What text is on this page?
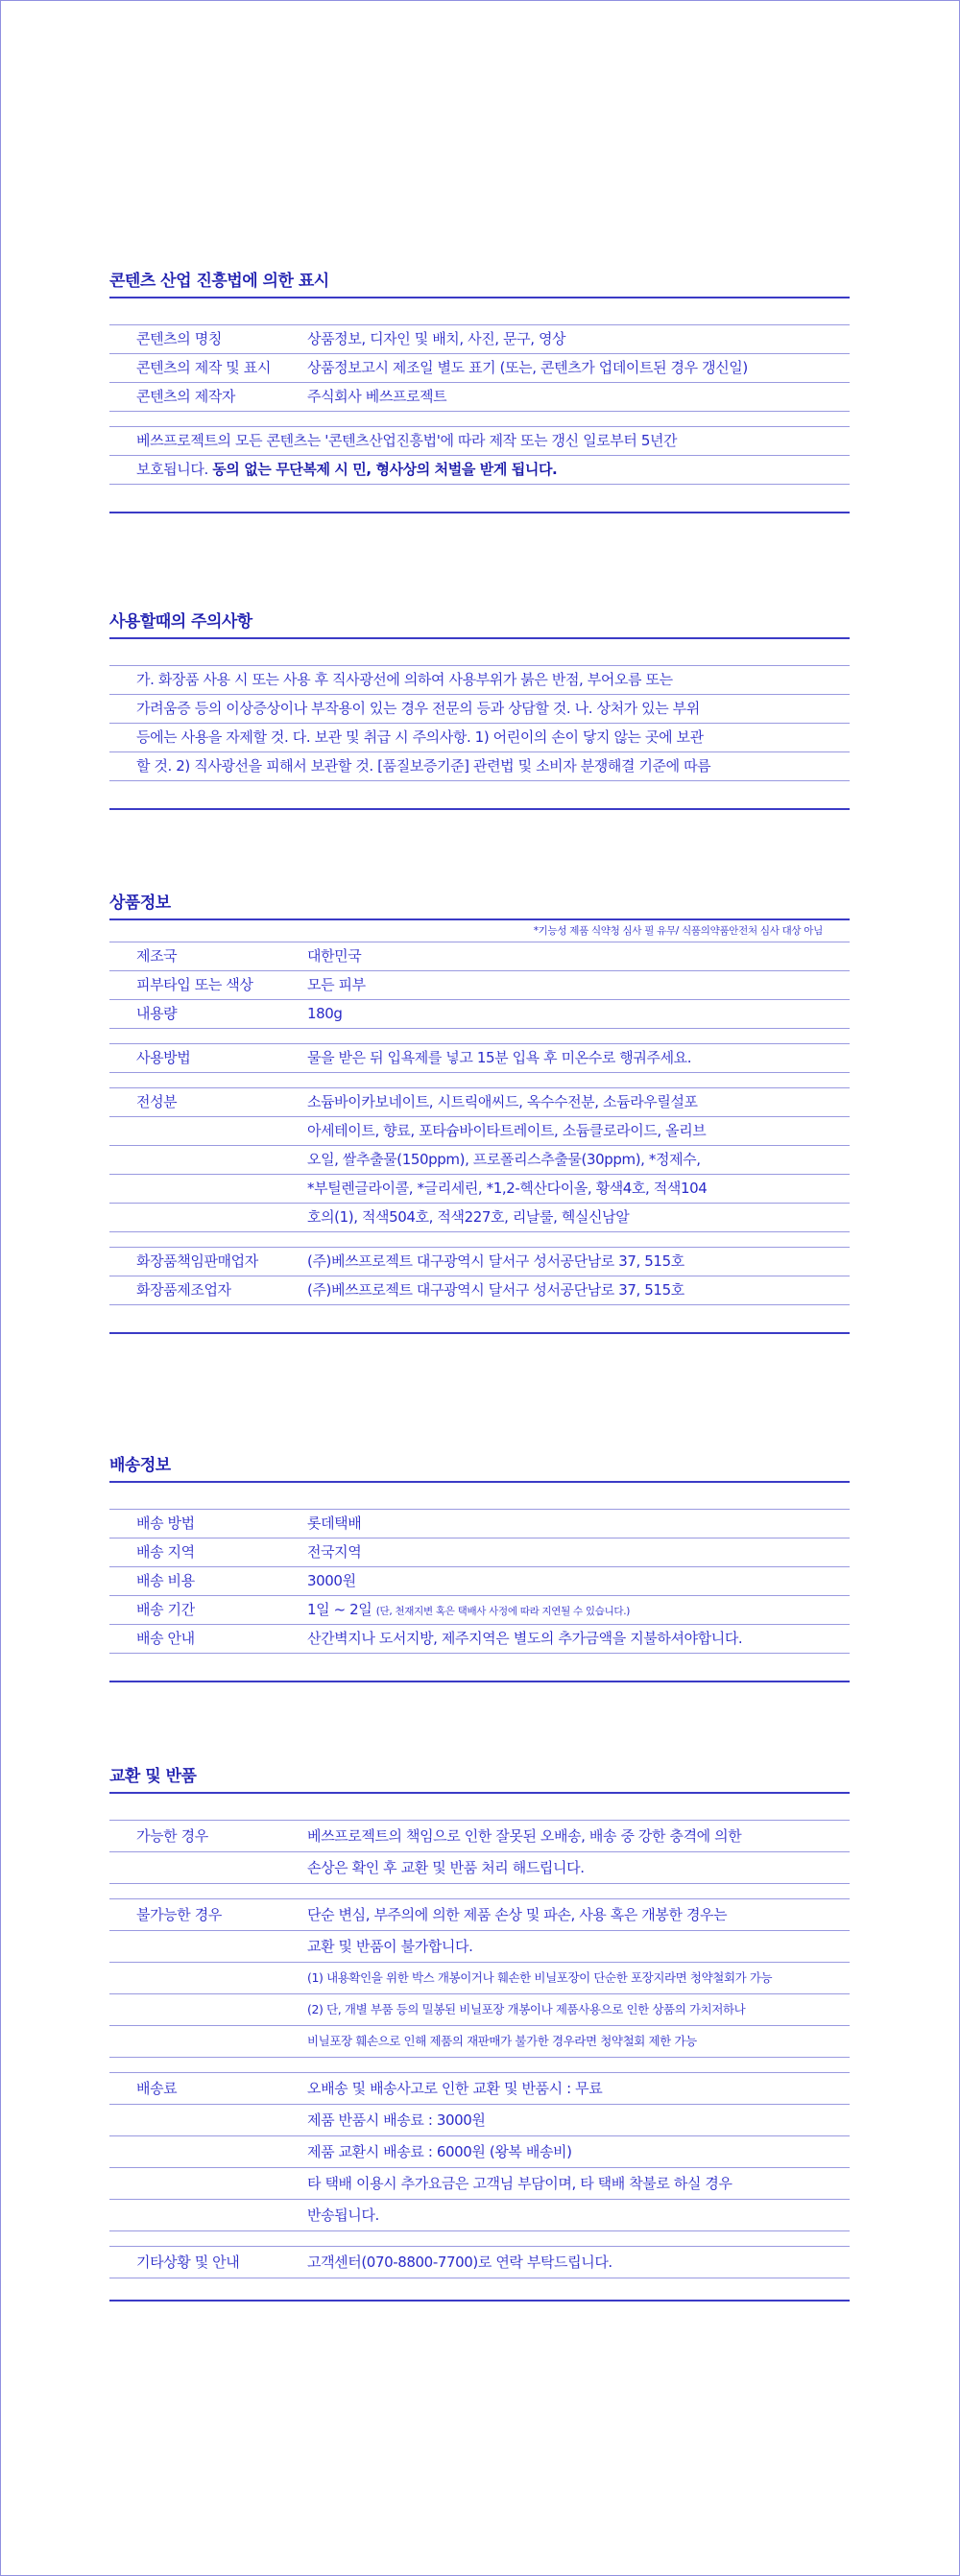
콘텐츠 산업 진흥법에 의한 표시
콘텐츠의 명칭	상품정보, 디자인 및 배치, 사진, 문구, 영상
콘텐츠의 제작 및 표시	상품정보고시 제조일 별도 표기 (또는, 콘텐츠가 업데이트된 경우 갱신일)
콘텐츠의 제작자	주식회사 베쓰프로젝트
베쓰프로젝트의 모든 콘텐츠는 '콘텐츠산업진흥법'에 따라 제작 또는 갱신 일로부터 5년간
보호됩니다. 동의 없는 무단복제 시 민, 형사상의 처벌을 받게 됩니다.
사용할때의 주의사항
가. 화장품 사용 시 또는 사용 후 직사광선에 의하여 사용부위가 붉은 반점, 부어오름 또는
가려움증 등의 이상증상이나 부작용이 있는 경우 전문의 등과 상담할 것. 나. 상처가 있는 부위
등에는 사용을 자제할 것. 다. 보관 및 취급 시 주의사항. 1) 어린이의 손이 닿지 않는 곳에 보관
할 것. 2) 직사광선을 피해서 보관할 것. [품질보증기준] 관련법 및 소비자 분쟁해결 기준에 따름
상품정보
*기능성 제품 식약청 심사 필 유무/ 식품의약품안전처 심사 대상 아님
제조국	대한민국
피부타입 또는 색상	모든 피부
내용량	180g
사용방법	물을 받은 뒤 입욕제를 넣고 15분 입욕 후 미온수로 행궈주세요.
전성분	소듐바이카보네이트, 시트릭애씨드, 옥수수전분, 소듐라우릴설포
아세테이트, 향료, 포타슘바이타트레이트, 소듐클로라이드, 올리브
오일, 쌀추출물(150ppm), 프로폴리스추출물(30ppm), *정제수,
*부틸렌글라이콜, *글리세린, *1,2-헥산다이올, 황색4호, 적색104
호의(1), 적색504호, 적색227호, 리날룰, 헥실신남알
화장품책임판매업자	(주)베쓰프로젝트 대구광역시 달서구 성서공단남로 37, 515호
화장품제조업자	(주)베쓰프로젝트 대구광역시 달서구 성서공단남로 37, 515호
배송정보
배송 방법	롯데택배
배송 지역	전국지역
배송 비용	3000원
배송 기간	1일 ~ 2일 (단, 천재지변 혹은 택배사 사정에 따라 지연될 수 있습니다.)
배송 안내	산간벽지나 도서지방, 제주지역은 별도의 추가금액을 지불하셔야합니다.
교환 및 반품
가능한 경우	베쓰프로젝트의 책임으로 인한 잘못된 오배송, 배송 중 강한 충격에 의한
손상은 확인 후 교환 및 반품 처리 해드립니다.
불가능한 경우	단순 변심, 부주의에 의한 제품 손상 및 파손, 사용 혹은 개봉한 경우는
교환 및 반품이 불가합니다.
(1) 내용확인을 위한 박스 개봉이거나 훼손한 비닐포장이 단순한 포장지라면 청약철회가 가능
(2) 단, 개별 부품 등의 밀봉된 비닐포장 개봉이나 제품사용으로 인한 상품의 가치저하나
비닐포장 훼손으로 인해 제품의 재판매가 불가한 경우라면 청약철회 제한 가능
배송료	오배송 및 배송사고로 인한 교환 및 반품시 : 무료
제품 반품시 배송료 : 3000원
제품 교환시 배송료 : 6000원 (왕복 배송비)
타 택배 이용시 추가요금은 고객님 부담이며, 타 택배 착불로 하실 경우
반송됩니다.
기타상황 및 안내	고객센터(070-8800-7700)로 연락 부탁드립니다.
